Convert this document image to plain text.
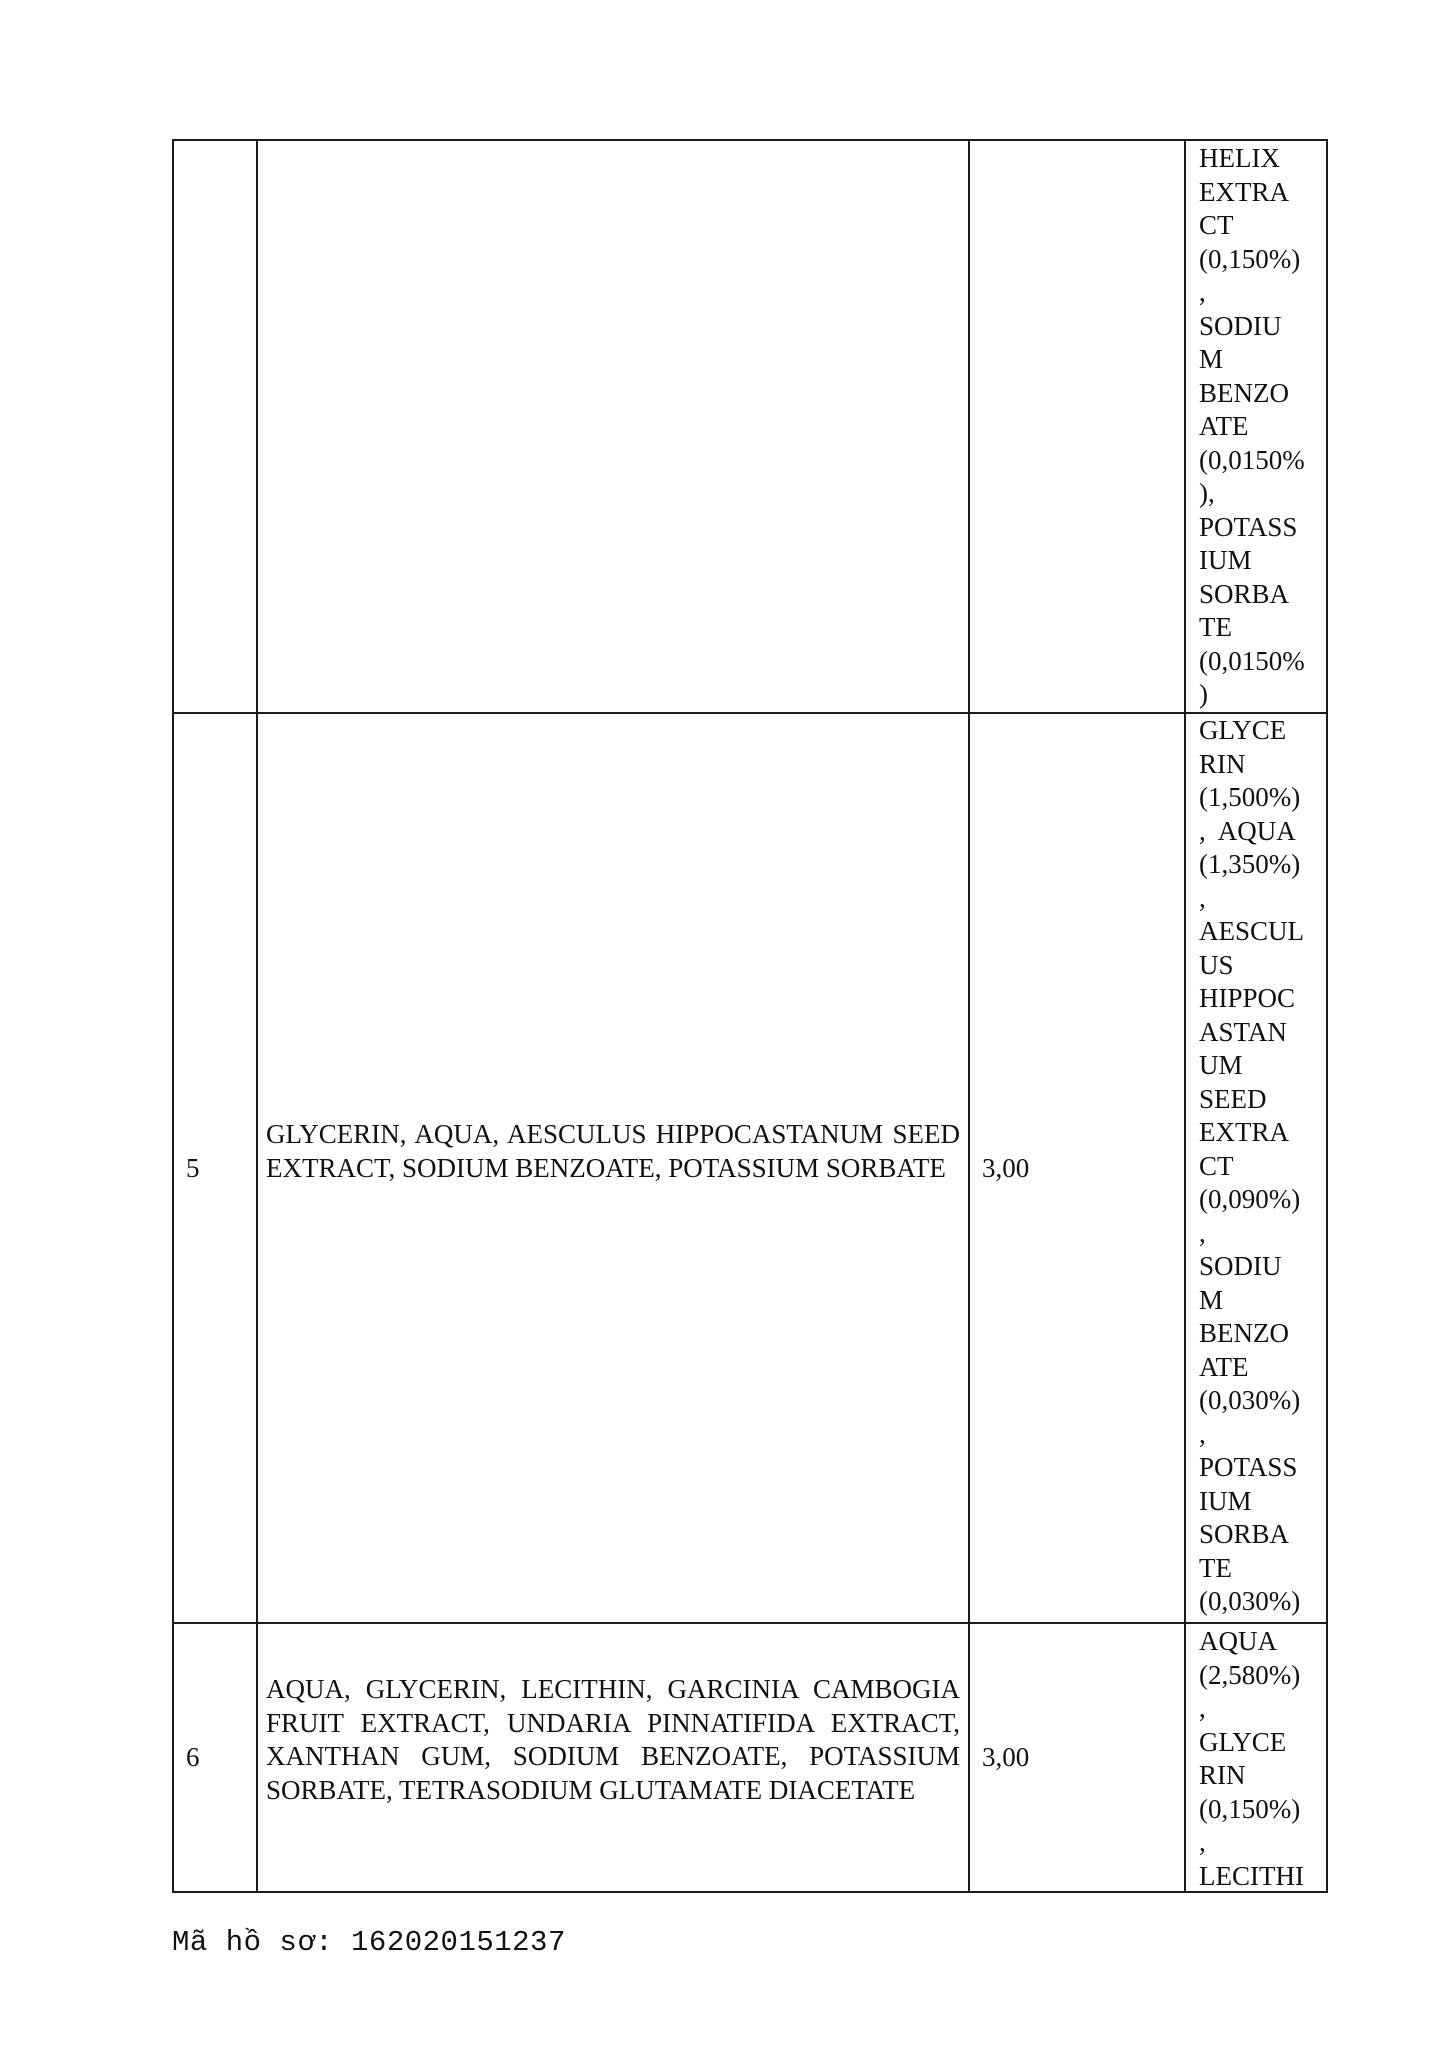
HELIX
EXTRA
CT
(0,150%)
,
SODIU
M
BENZO
ATE
(0,0150%
),
POTASS
IUM
SORBA
TE
(0,0150%
)
5
GLYCERIN, AQUA, AESCULUS HIPPOCASTANUM SEED EXTRACT, SODIUM BENZOATE, POTASSIUM SORBATE	3,00
GLYCE
RIN
(1,500%)
,  AQUA
(1,350%)
,
AESCUL
US
HIPPOC
ASTAN
UM
SEED
EXTRA
CT
(0,090%)
,
SODIU
M
BENZO
ATE
(0,030%)
,
POTASS
IUM
SORBA
TE
(0,030%)
6
AQUA, GLYCERIN, LECITHIN, GARCINIA CAMBOGIA FRUIT EXTRACT, UNDARIA PINNATIFIDA EXTRACT, XANTHAN GUM, SODIUM BENZOATE, POTASSIUM SORBATE, TETRASODIUM GLUTAMATE DIACETATE
3,00
AQUA
(2,580%)
,
GLYCE
RIN
(0,150%)
,
LECITHI
Mã hồ sơ: 162020151237
